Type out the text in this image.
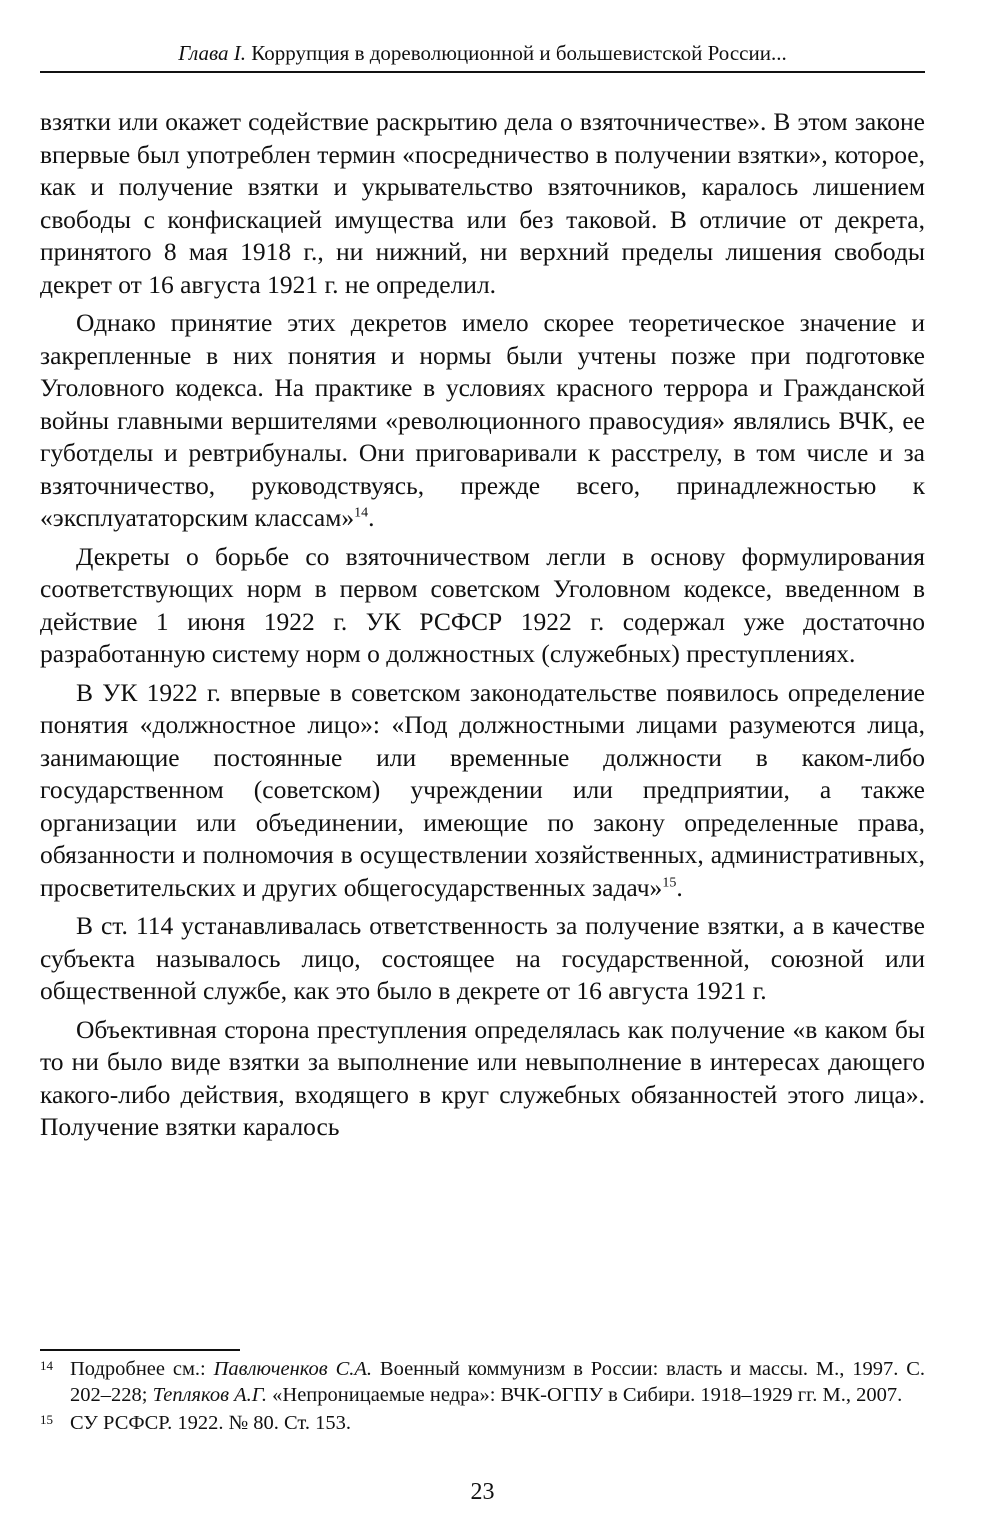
Глава I. Коррупция в дореволюционной и большевистской России...

взятки или окажет содействие раскрытию дела о взяточничестве». В этом законе впервые был употреблен термин «посредничество в получении взятки», которое, как и получение взятки и укрывательство взяточников, каралось лишением свободы с конфискацией имущества или без таковой. В отличие от декрета, принятого 8 мая 1918 г., ни нижний, ни верхний пределы лишения свободы декрет от 16 августа 1921 г. не определил.

Однако принятие этих декретов имело скорее теоретическое значение и закрепленные в них понятия и нормы были учтены позже при подготовке Уголовного кодекса. На практике в условиях красного террора и Гражданской войны главными вершителями «революционного правосудия» являлись ВЧК, ее губотделы и ревтрибуналы. Они приговаривали к расстрелу, в том числе и за взяточничество, руководствуясь, прежде всего, принадлежностью к «эксплуататорским классам»$^{14}$.

Декреты о борьбе со взяточничеством легли в основу формулирования соответствующих норм в первом советском Уголовном кодексе, введенном в действие 1 июня 1922 г. УК РСФСР 1922 г. содержал уже достаточно разработанную систему норм о должностных (служебных) преступлениях.

В УК 1922 г. впервые в советском законодательстве появилось определение понятия «должностное лицо»: «Под должностными лицами разумеются лица, занимающие постоянные или временные должности в каком-либо государственном (советском) учреждении или предприятии, а также организации или объединении, имеющие по закону определенные права, обязанности и полномочия в осуществлении хозяйственных, административных, просветительских и других общегосударственных задач»$^{15}$.

В ст. 114 устанавливалась ответственность за получение взятки, а в качестве субъекта называлось лицо, состоящее на государственной, союзной или общественной службе, как это было в декрете от 16 августа 1921 г.

Объективная сторона преступления определялась как получение «в каком бы то ни было виде взятки за выполнение или невыполнение в интересах дающего какого-либо действия, входящего в круг служебных обязанностей этого лица». Получение взятки каралось

14 Подробнее см.: Павлюченков С.А. Военный коммунизм в России: власть и массы. М., 1997. С. 202–228; Тепляков А.Г. «Непроницаемые недра»: ВЧК-ОГПУ в Сибири. 1918–1929 гг. М., 2007.
15 СУ РСФСР. 1922. № 80. Ст. 153.
23
